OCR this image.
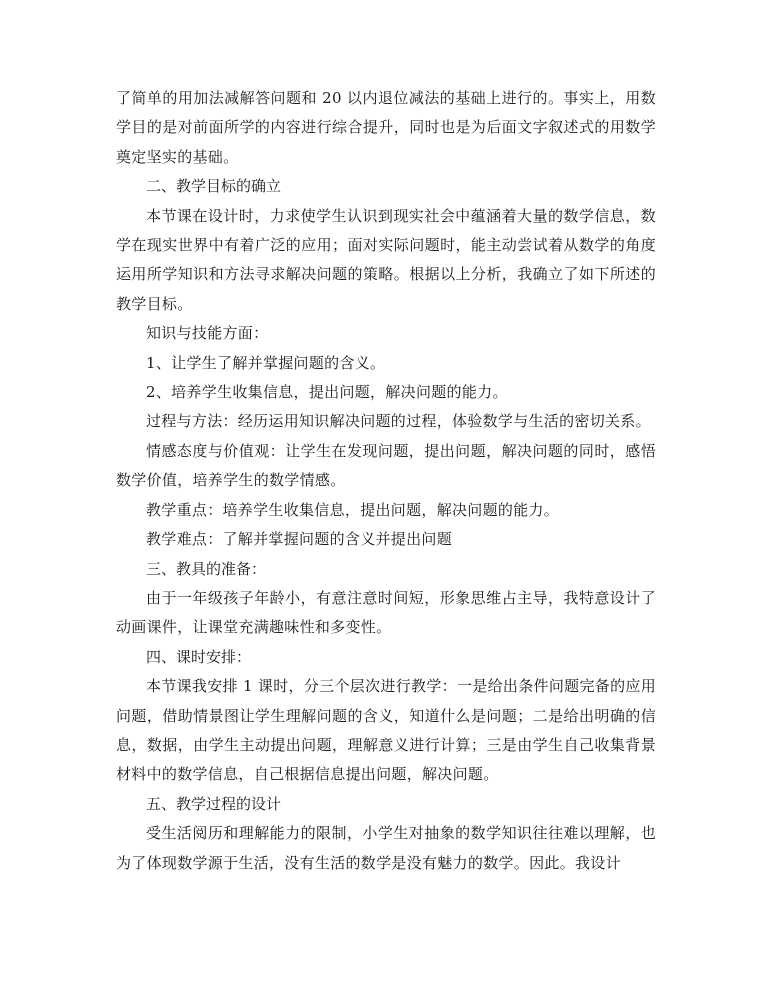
了简单的用加法减解答问题和 20 以内退位减法的基础上进行的。事实上，用数学目的是对前面所学的内容进行综合提升，同时也是为后面文字叙述式的用数学奠定坚实的基础。

二、教学目标的确立

本节课在设计时，力求使学生认识到现实社会中蕴涵着大量的数学信息，数学在现实世界中有着广泛的应用；面对实际问题时，能主动尝试着从数学的角度运用所学知识和方法寻求解决问题的策略。根据以上分析，我确立了如下所述的教学目标。

知识与技能方面：

1、让学生了解并掌握问题的含义。

2、培养学生收集信息，提出问题，解决问题的能力。

过程与方法：经历运用知识解决问题的过程，体验数学与生活的密切关系。

情感态度与价值观：让学生在发现问题，提出问题，解决问题的同时，感悟数学价值，培养学生的数学情感。

教学重点：培养学生收集信息，提出问题，解决问题的能力。

教学难点：了解并掌握问题的含义并提出问题

三、教具的准备：

由于一年级孩子年龄小，有意注意时间短，形象思维占主导，我特意设计了动画课件，让课堂充满趣味性和多变性。

四、课时安排：

本节课我安排 1 课时，分三个层次进行教学：一是给出条件问题完备的应用问题，借助情景图让学生理解问题的含义，知道什么是问题；二是给出明确的信息，数据，由学生主动提出问题，理解意义进行计算；三是由学生自己收集背景材料中的数学信息，自己根据信息提出问题，解决问题。

五、教学过程的设计

受生活阅历和理解能力的限制，小学生对抽象的数学知识往往难以理解，也为了体现数学源于生活，没有生活的数学是没有魅力的数学。因此。我设计
